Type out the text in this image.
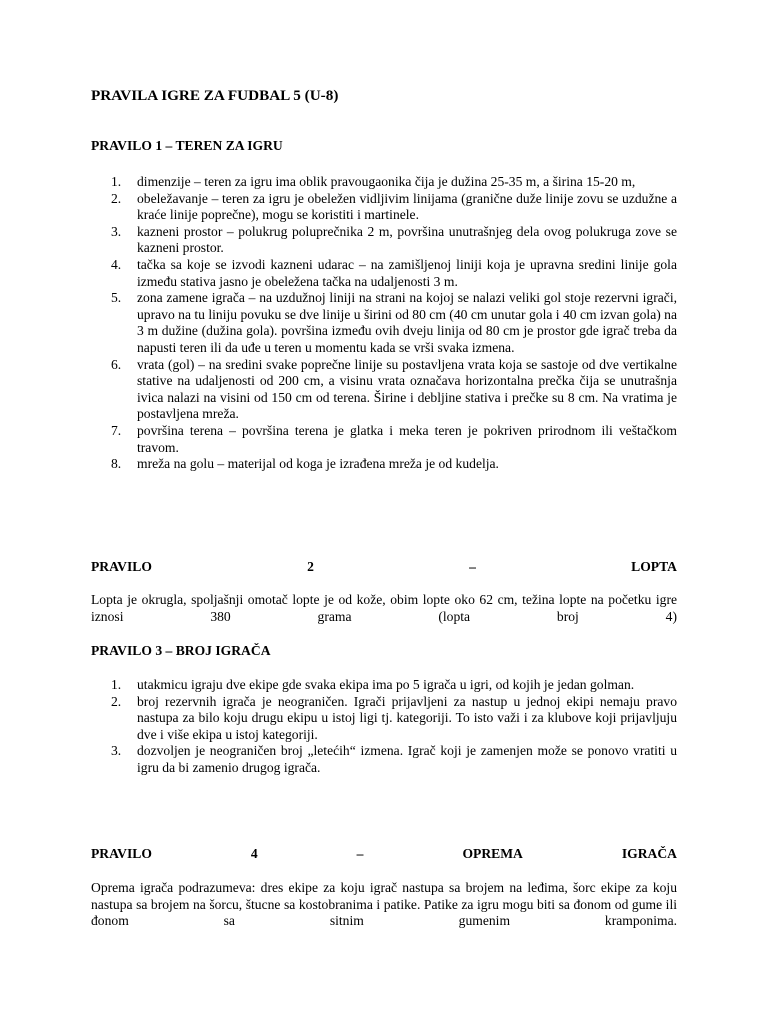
PRAVILA IGRE ZA FUDBAL 5 (U-8)
PRAVILO 1 – TEREN ZA IGRU
1. dimenzije – teren za igru ima oblik pravougaonika čija je dužina 25-35 m, a širina 15-20 m,
2. obeležavanje – teren za igru je obeležen vidljivim linijama (granične duže linije zovu se uzdužne a kraće linije poprečne), mogu se koristiti i martinele.
3. kazneni prostor – polukrug poluprečnika 2 m, površina unutrašnjeg dela ovog polukruga zove se kazneni prostor.
4. tačka sa koje se izvodi kazneni udarac – na zamišljenoj liniji koja je upravna sredini linije gola između stativa jasno je obeležena tačka na udaljenosti 3 m.
5. zona zamene igrača – na uzdužnoj liniji na strani na kojoj se nalazi veliki gol stoje rezervni igrači, upravo na tu liniju povuku se dve linije u širini od 80 cm (40 cm unutar gola i 40 cm izvan gola) na 3 m dužine (dužina gola). površina između ovih dveju linija od 80 cm je prostor gde igrač treba da napusti teren ili da uđe u teren u momentu kada se vrši svaka izmena.
6. vrata (gol) – na sredini svake poprečne linije su postavljena vrata koja se sastoje od dve vertikalne stative na udaljenosti od 200 cm, a visinu vrata označava horizontalna prečka čija se unutrašnja ivica nalazi na visini od 150 cm od terena. Širine i debljine stativa i prečke su 8 cm. Na vratima je postavljena mreža.
7. površina terena – površina terena je glatka i meka teren je pokriven prirodnom ili veštačkom travom.
8. mreža na golu – materijal od koga je izrađena mreža je od kudelja.
PRAVILO	2	–	LOPTA

Lopta je okrugla, spoljašnji omotač lopte je od kože, obim lopte oko 62 cm, težina lopte na početku igre iznosi 380 grama (lopta broj 4)

PRAVILO 3 – BROJ IGRAČA
1. utakmicu igraju dve ekipe gde svaka ekipa ima po 5 igrača u igri, od kojih je jedan golman.
2. broj rezervnih igrača je neograničen. Igrači prijavljeni za nastup u jednoj ekipi nemaju pravo nastupa za bilo koju drugu ekipu u istoj ligi tj. kategoriji. To isto važi i za klubove koji prijavljuju dve i više ekipa u istoj kategoriji.
3. dozvoljen je neograničen broj „letećih“ izmena. Igrač koji je zamenjen može se ponovo vratiti u igru da bi zamenio drugog igrača.
PRAVILO	4	–	OPREMA	IGRAČA

Oprema igrača podrazumeva: dres ekipe za koju igrač nastupa sa brojem na leđima, šorc ekipe za koju nastupa sa brojem na šorcu, štucne sa kostobranima i patike. Patike za igru mogu biti sa đonom od gume ili đonom sa sitnim gumenim kramponima.
